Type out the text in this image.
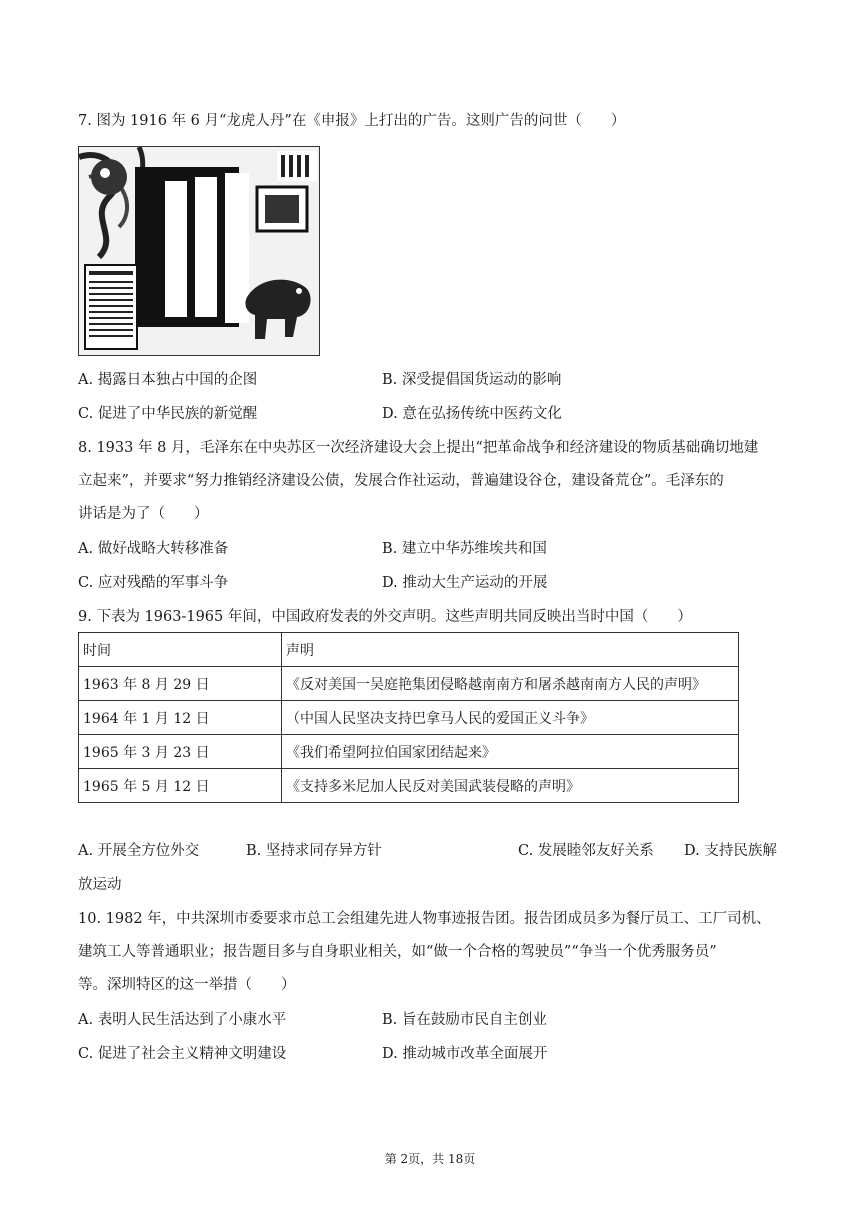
7. 图为 1916 年 6 月“龙虎人丹”在《申报》上打出的广告。这则广告的问世（　　）
A. 揭露日本独占中国的企图	B. 深受提倡国货运动的影响
C. 促进了中华民族的新觉醒	D. 意在弘扬传统中医药文化
8. 1933 年 8 月，毛泽东在中央苏区一次经济建设大会上提出“把革命战争和经济建设的物质基础确切地建
立起来”，并要求“努力推销经济建设公债，发展合作社运动，普遍建设谷仓，建设备荒仓”。毛泽东的
讲话是为了（　　）
A. 做好战略大转移准备	B. 建立中华苏维埃共和国
C. 应对残酷的军事斗争	D. 推动大生产运动的开展
9. 下表为 1963-1965 年间，中国政府发表的外交声明。这些声明共同反映出当时中国（　　）
时间	声明
1963 年 8 月 29 日	《反对美国一吴庭艳集团侵略越南南方和屠杀越南南方人民的声明》
1964 年 1 月 12 日	（中国人民坚决支持巴拿马人民的爱国正义斗争》
1965 年 3 月 23 日	《我们希望阿拉伯国家团结起来》
1965 年 5 月 12 日	《支持多米尼加人民反对美国武装侵略的声明》
A. 开展全方位外交	B. 坚持求同存异方针	C. 发展睦邻友好关系 D. 支持民族解
放运动
10. 1982 年，中共深圳市委要求市总工会组建先进人物事迹报告团。报告团成员多为餐厅员工、工厂司机、
建筑工人等普通职业；报告题目多与自身职业相关，如“做一个合格的驾驶员”“争当一个优秀服务员”
等。深圳特区的这一举措（　　）
A. 表明人民生活达到了小康水平	B. 旨在鼓励市民自主创业
C. 促进了社会主义精神文明建设	D. 推动城市改革全面展开
第 2页，共 18页
